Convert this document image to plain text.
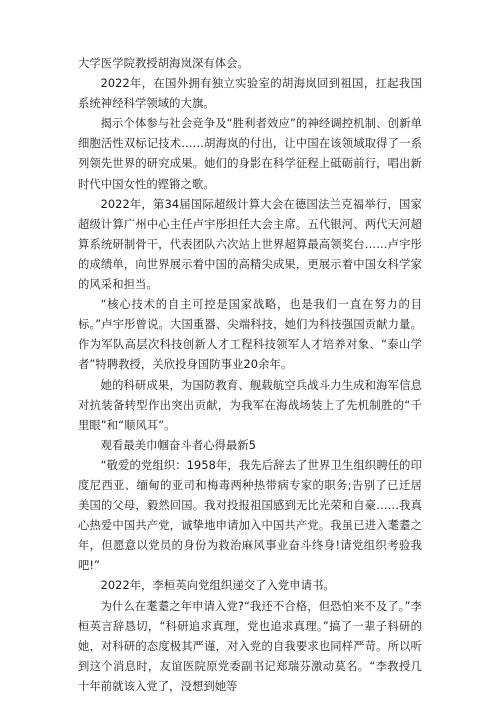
大学医学院教授胡海岚深有体会。

2022年，在国外拥有独立实验室的胡海岚回到祖国，扛起我国系统神经科学领域的大旗。

揭示个体参与社会竞争及“胜利者效应”的神经调控机制、创新单细胞活性双标记技术……胡海岚的付出，让中国在该领域取得了一系列领先世界的研究成果。她们的身影在科学征程上砥砺前行，唱出新时代中国女性的铿锵之歌。

2022年，第34届国际超级计算大会在德国法兰克福举行，国家超级计算广州中心主任卢宇彤担任大会主席。五代银河、两代天河超算系统研制骨干，代表团队六次站上世界超算最高领奖台……卢宇彤的成绩单，向世界展示着中国的高精尖成果，更展示着中国女科学家的风采和担当。

“核心技术的自主可控是国家战略，也是我们一直在努力的目标。”卢宇彤曾说。大国重器、尖端科技，她们为科技强国贡献力量。作为军队高层次科技创新人才工程科技领军人才培养对象、“泰山学者”特聘教授，关欣投身国防事业20余年。

她的科研成果，为国防教育、舰载航空兵战斗力生成和海军信息对抗装备转型作出突出贡献，为我军在海战场装上了先机制胜的“千里眼”和“顺风耳”。

观看最美巾帼奋斗者心得最新5

“敬爱的党组织：1958年，我先后辞去了世界卫生组织聘任的印度尼西亚、缅甸的亚司和梅毒两种热带病专家的职务;告别了已迁居美国的父母，毅然回国。我对投报祖国感到无比光荣和自豪……我真心热爱中国共产党，诚挚地申请加入中国共产党。我虽已进入耄耋之年，但愿意以党员的身份为救治麻风事业奋斗终身!请党组织考验我吧!”

2022年，李桓英向党组织递交了入党申请书。

为什么在耄耋之年申请入党?“我还不合格，但恐怕来不及了。”李桓英言辞恳切，“科研追求真理，党也追求真理。”搞了一辈子科研的她，对科研的态度极其严谨，对入党的自我要求也同样严苛。所以听到这个消息时，友谊医院原党委副书记郑瑞芬激动莫名。“李教授几十年前就该入党了，没想到她等
